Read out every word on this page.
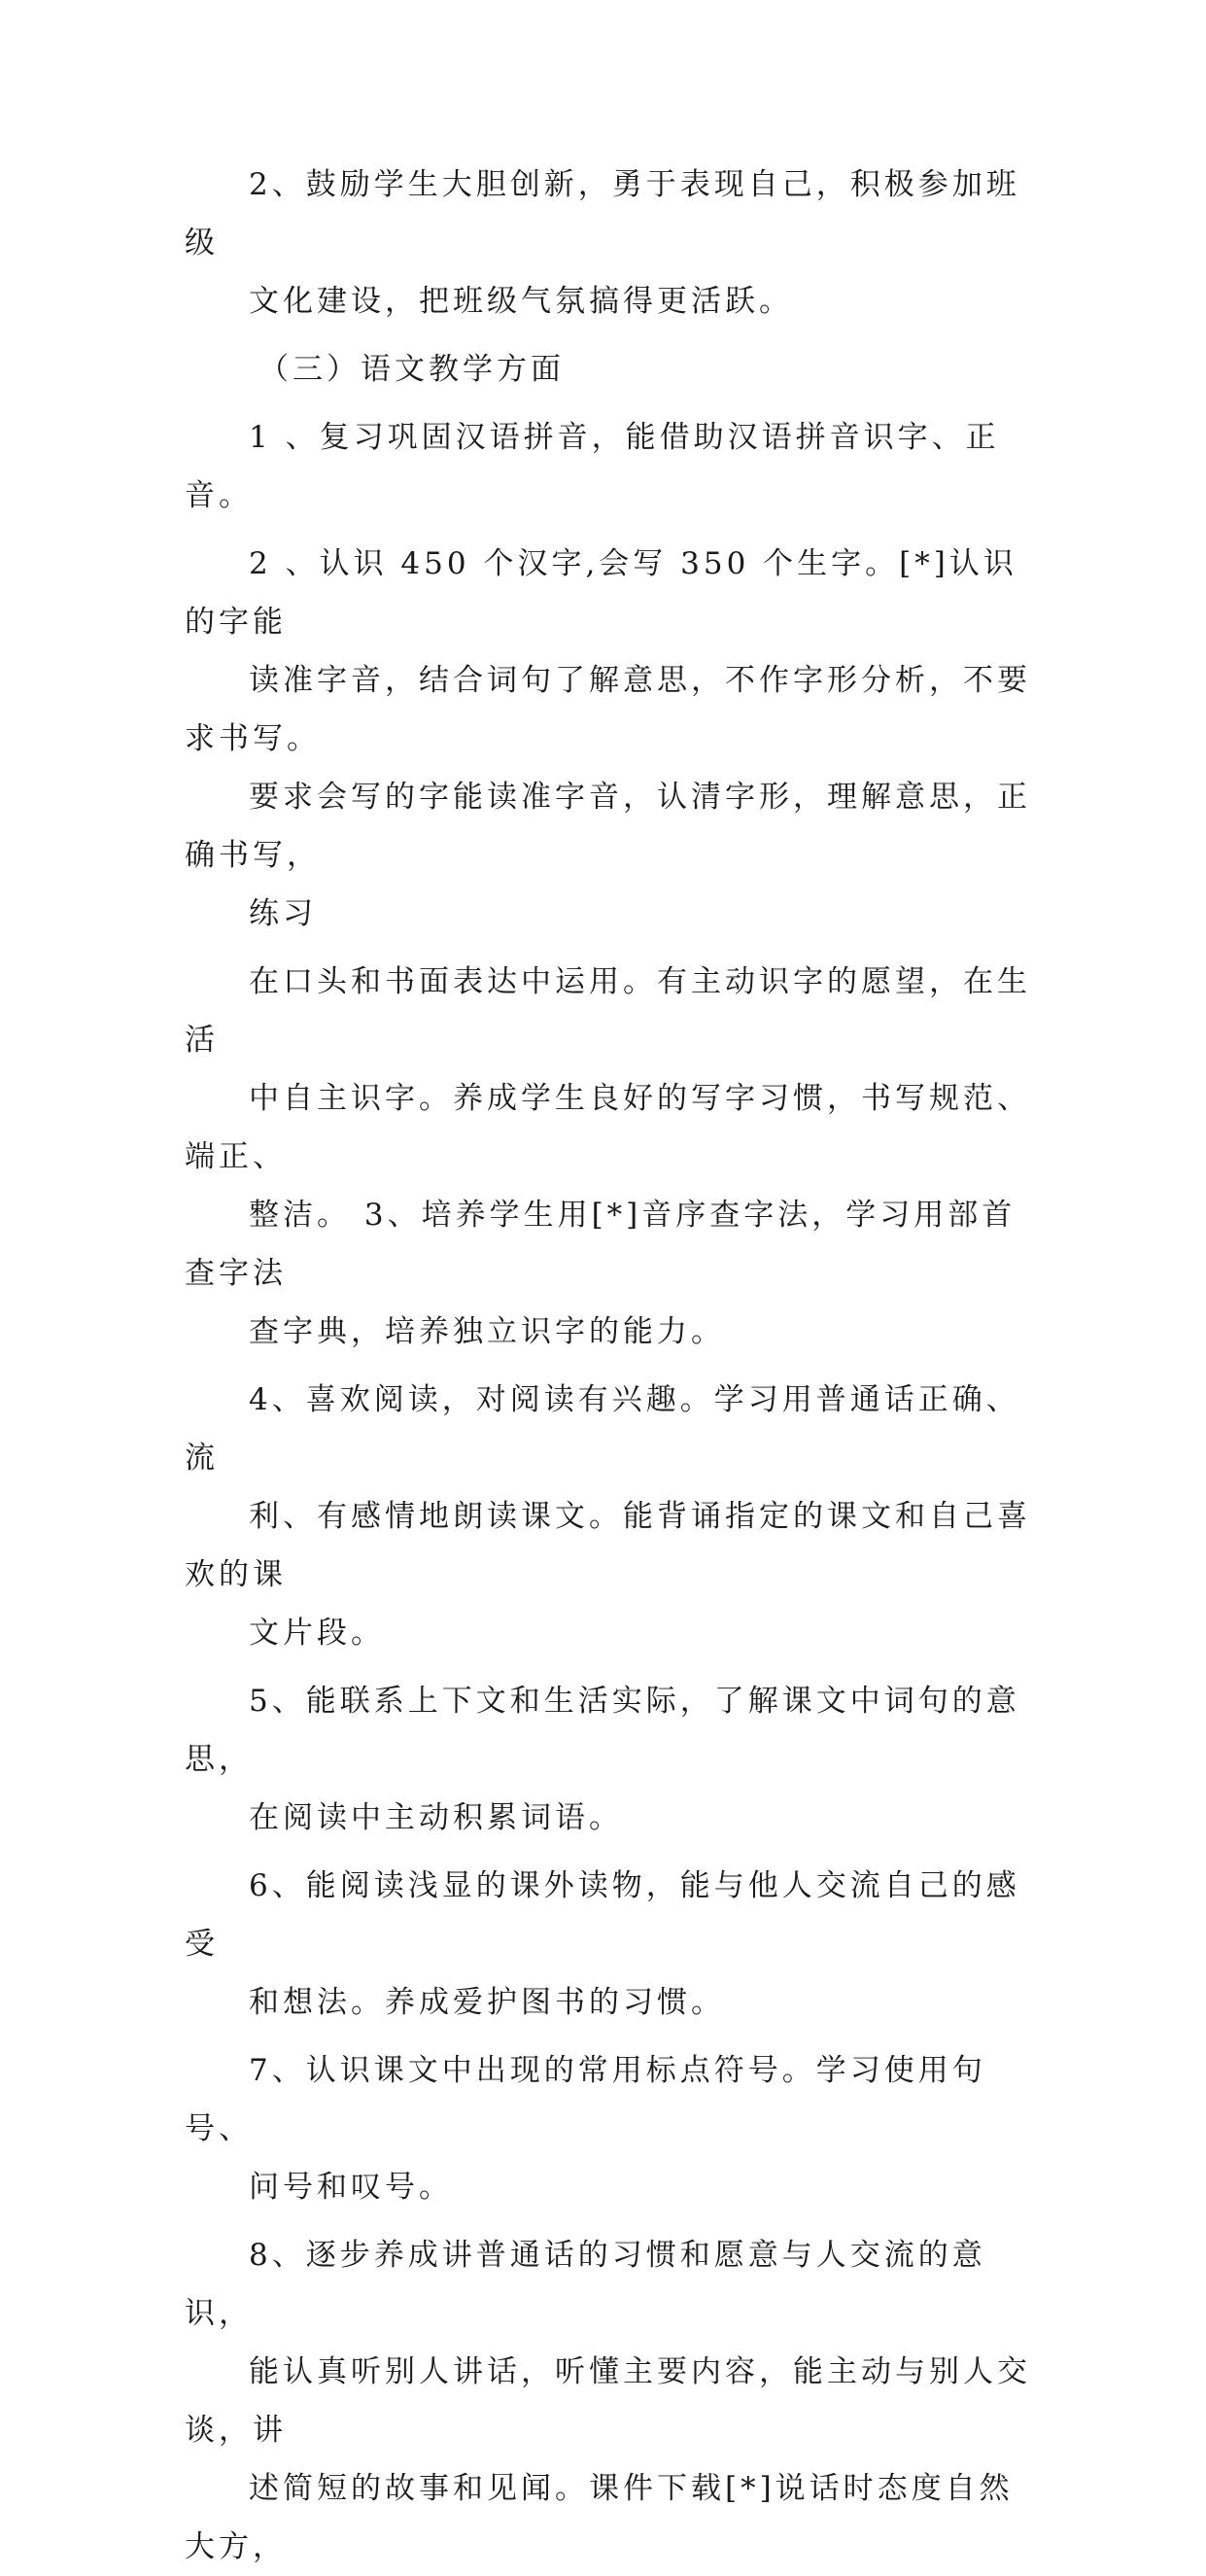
2、鼓励学生大胆创新，勇于表现自己，积极参加班级
文化建设，把班级气氛搞得更活跃。

（三）语文教学方面

1 、复习巩固汉语拼音，能借助汉语拼音识字、正音。

2 、认识 450 个汉字,会写 350 个生字。[*]认识的字能
读准字音，结合词句了解意思，不作字形分析，不要求书写。
要求会写的字能读准字音，认清字形，理解意思，正确书写，
练习

在口头和书面表达中运用。有主动识字的愿望，在生活
中自主识字。养成学生良好的写字习惯，书写规范、端正、
整洁。 3、培养学生用[*]音序查字法，学习用部首查字法
查字典，培养独立识字的能力。

4、喜欢阅读，对阅读有兴趣。学习用普通话正确、流
利、有感情地朗读课文。能背诵指定的课文和自己喜欢的课
文片段。

5、能联系上下文和生活实际，了解课文中词句的意思，
在阅读中主动积累词语。

6、能阅读浅显的课外读物，能与他人交流自己的感受
和想法。养成爱护图书的习惯。

7、认识课文中出现的常用标点符号。学习使用句号、
问号和叹号。

8、逐步养成讲普通话的习惯和愿意与人交流的意识，
能认真听别人讲话，听懂主要内容，能主动与别人交谈，讲
述简短的故事和见闻。课件下载[*]说话时态度自然大方，
